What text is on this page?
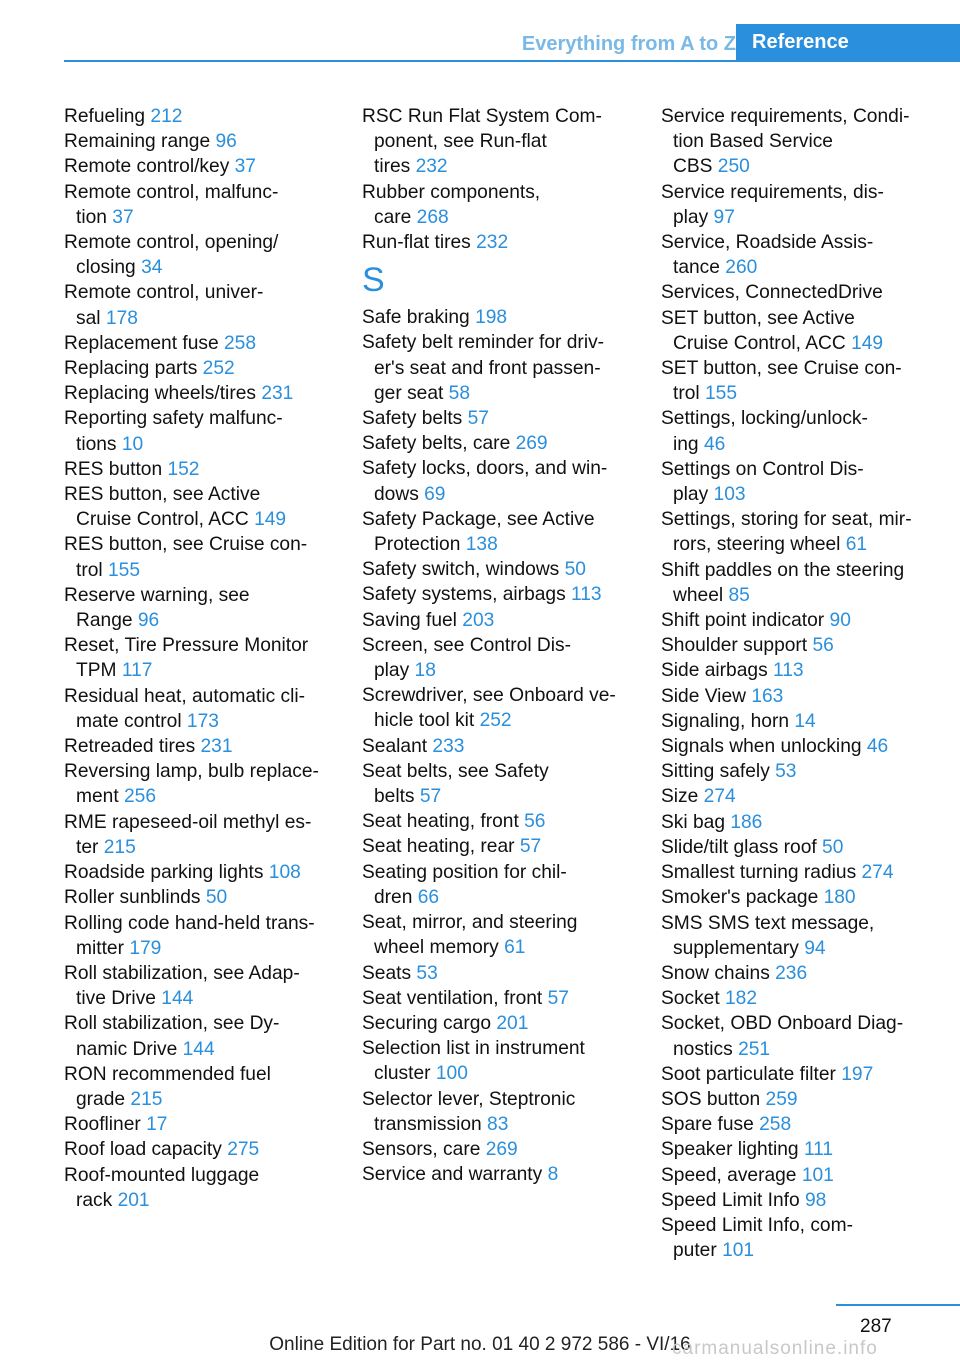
Everything from A to Z Reference
Refueling 212
Remaining range 96
Remote control/key 37
Remote control, malfunc-
tion 37
Remote control, opening/
closing 34
Remote control, univer-
sal 178
Replacement fuse 258
Replacing parts 252
Replacing wheels/tires 231
Reporting safety malfunc-
tions 10
RES button 152
RES button, see Active
Cruise Control, ACC 149
RES button, see Cruise con-
trol 155
Reserve warning, see
Range 96
Reset, Tire Pressure Monitor
TPM 117
Residual heat, automatic cli-
mate control 173
Retreaded tires 231
Reversing lamp, bulb replace-
ment 256
RME rapeseed-oil methyl es-
ter 215
Roadside parking lights 108
Roller sunblinds 50
Rolling code hand-held trans-
mitter 179
Roll stabilization, see Adap-
tive Drive 144
Roll stabilization, see Dy-
namic Drive 144
RON recommended fuel
grade 215
Roofliner 17
Roof load capacity 275
Roof-mounted luggage
rack 201
RSC Run Flat System Com-
ponent, see Run-flat
tires 232
Rubber components,
care 268
Run-flat tires 232
S
Safe braking 198
Safety belt reminder for driv-
er's seat and front passen-
ger seat 58
Safety belts 57
Safety belts, care 269
Safety locks, doors, and win-
dows 69
Safety Package, see Active
Protection 138
Safety switch, windows 50
Safety systems, airbags 113
Saving fuel 203
Screen, see Control Dis-
play 18
Screwdriver, see Onboard ve-
hicle tool kit 252
Sealant 233
Seat belts, see Safety
belts 57
Seat heating, front 56
Seat heating, rear 57
Seating position for chil-
dren 66
Seat, mirror, and steering
wheel memory 61
Seats 53
Seat ventilation, front 57
Securing cargo 201
Selection list in instrument
cluster 100
Selector lever, Steptronic
transmission 83
Sensors, care 269
Service and warranty 8
Service requirements, Condi-
tion Based Service
CBS 250
Service requirements, dis-
play 97
Service, Roadside Assis-
tance 260
Services, ConnectedDrive
SET button, see Active
Cruise Control, ACC 149
SET button, see Cruise con-
trol 155
Settings, locking/unlock-
ing 46
Settings on Control Dis-
play 103
Settings, storing for seat, mir-
rors, steering wheel 61
Shift paddles on the steering
wheel 85
Shift point indicator 90
Shoulder support 56
Side airbags 113
Side View 163
Signaling, horn 14
Signals when unlocking 46
Sitting safely 53
Size 274
Ski bag 186
Slide/tilt glass roof 50
Smallest turning radius 274
Smoker's package 180
SMS SMS text message,
supplementary 94
Snow chains 236
Socket 182
Socket, OBD Onboard Diag-
nostics 251
Soot particulate filter 197
SOS button 259
Spare fuse 258
Speaker lighting 111
Speed, average 101
Speed Limit Info 98
Speed Limit Info, com-
puter 101
287
Online Edition for Part no. 01 40 2 972 586 - VI/16
carmanualsonline.info
